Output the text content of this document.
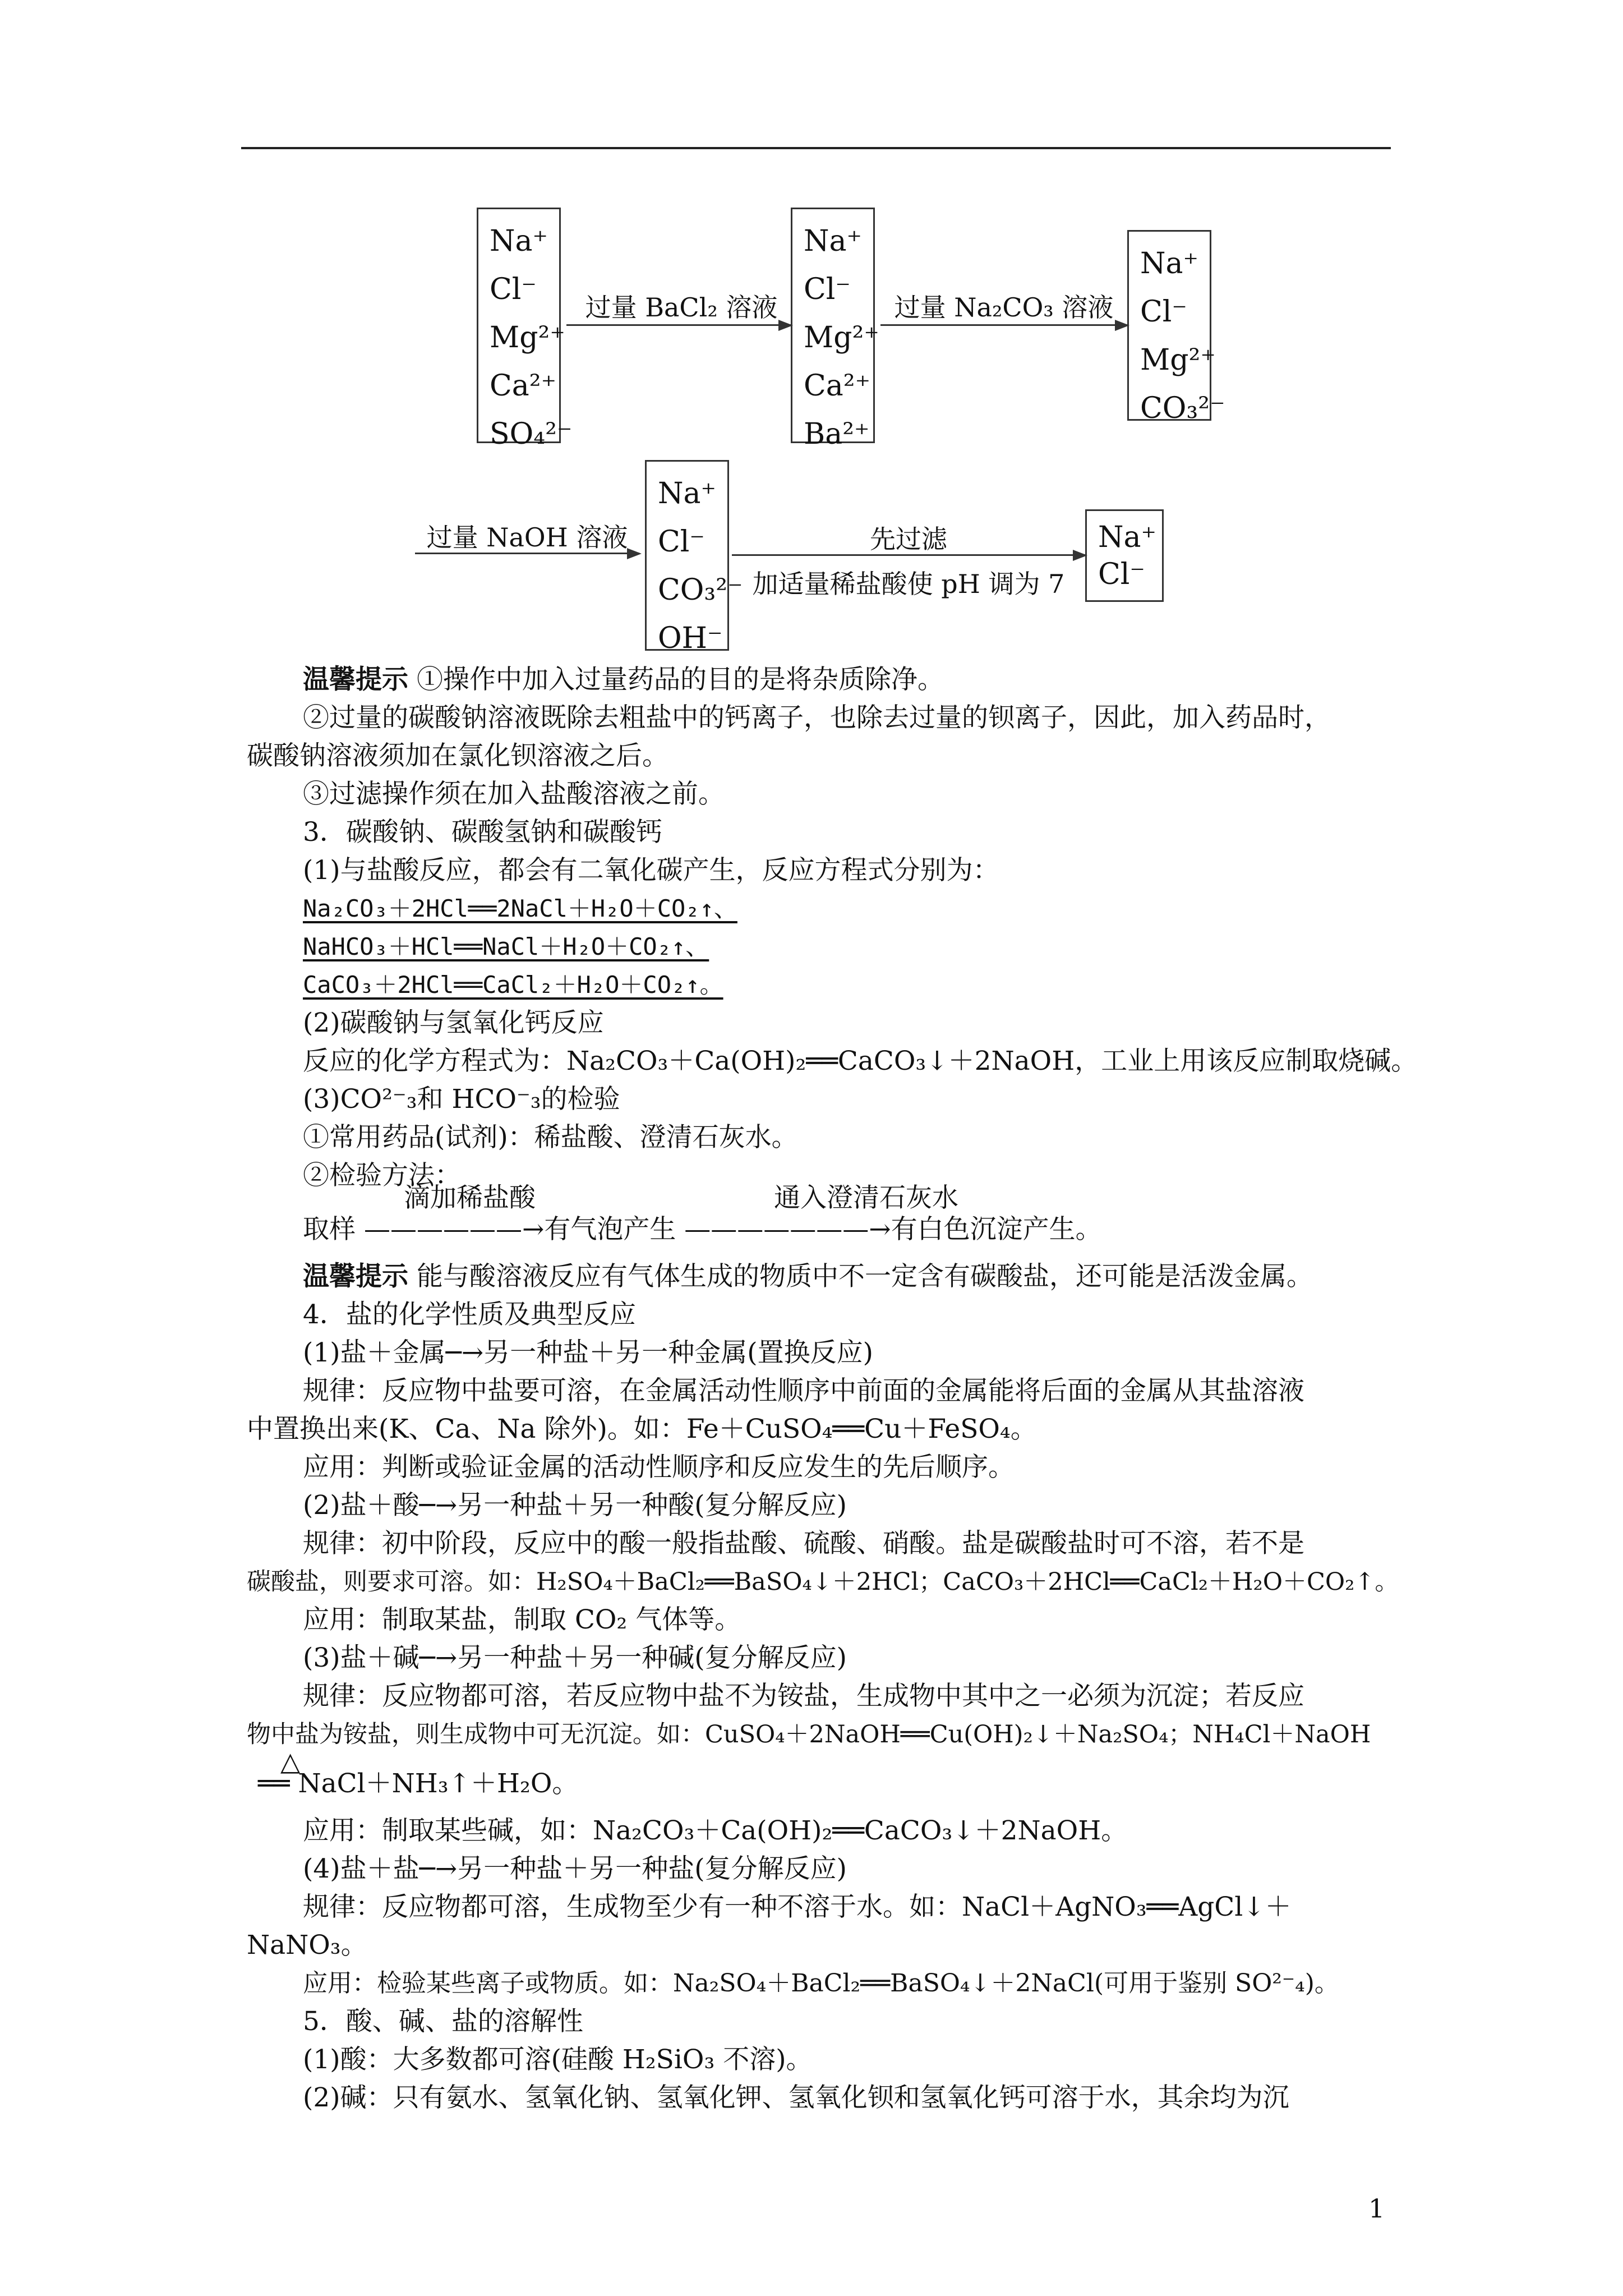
Na⁺
Cl⁻
Mg²⁺
Ca²⁺
SO₄²⁻
过量 BaCl₂ 溶液
Na⁺
Cl⁻
Mg²⁺
Ca²⁺
Ba²⁺
过量 Na₂CO₃ 溶液
Na⁺
Cl⁻
Mg²⁺
CO₃²⁻
过量 NaOH 溶液
Na⁺
Cl⁻
CO₃²⁻
OH⁻
先过滤
加适量稀盐酸使 pH 调为 7
Na⁺
Cl⁻
温馨提示 ①操作中加入过量药品的目的是将杂质除净。
②过量的碳酸钠溶液既除去粗盐中的钙离子，也除去过量的钡离子，因此，加入药品时，
碳酸钠溶液须加在氯化钡溶液之后。
③过滤操作须在加入盐酸溶液之前。
3．碳酸钠、碳酸氢钠和碳酸钙
(1)与盐酸反应，都会有二氧化碳产生，反应方程式分别为：
Na₂CO₃＋2HCl══2NaCl＋H₂O＋CO₂↑、
NaHCO₃＋HCl══NaCl＋H₂O＋CO₂↑、
CaCO₃＋2HCl══CaCl₂＋H₂O＋CO₂↑。
(2)碳酸钠与氢氧化钙反应
反应的化学方程式为：Na₂CO₃＋Ca(OH)₂══CaCO₃↓＋2NaOH，工业上用该反应制取烧碱。
(3)CO²⁻₃和 HCO⁻₃的检验
①常用药品(试剂)：稀盐酸、澄清石灰水。
②检验方法：
滴加稀盐酸	通入澄清石灰水
取样 ——————→有气泡产生 ———————→有白色沉淀产生。
温馨提示 能与酸溶液反应有气体生成的物质中不一定含有碳酸盐，还可能是活泼金属。
4．盐的化学性质及典型反应
(1)盐＋金属─→另一种盐＋另一种金属(置换反应)
规律：反应物中盐要可溶，在金属活动性顺序中前面的金属能将后面的金属从其盐溶液
中置换出来(K、Ca、Na 除外)。如：Fe＋CuSO₄══Cu＋FeSO₄。
应用：判断或验证金属的活动性顺序和反应发生的先后顺序。
(2)盐＋酸─→另一种盐＋另一种酸(复分解反应)
规律：初中阶段，反应中的酸一般指盐酸、硫酸、硝酸。盐是碳酸盐时可不溶，若不是
碳酸盐，则要求可溶。如：H₂SO₄＋BaCl₂══BaSO₄↓＋2HCl；CaCO₃＋2HCl══CaCl₂＋H₂O＋CO₂↑。
应用：制取某盐，制取 CO₂ 气体等。
(3)盐＋碱─→另一种盐＋另一种碱(复分解反应)
规律：反应物都可溶，若反应物中盐不为铵盐，生成物中其中之一必须为沉淀；若反应
物中盐为铵盐，则生成物中可无沉淀。如：CuSO₄＋2NaOH══Cu(OH)₂↓＋Na₂SO₄；NH₄Cl＋NaOH
△
══ NaCl＋NH₃↑＋H₂O。
应用：制取某些碱，如：Na₂CO₃＋Ca(OH)₂══CaCO₃↓＋2NaOH。
(4)盐＋盐─→另一种盐＋另一种盐(复分解反应)
规律：反应物都可溶，生成物至少有一种不溶于水。如：NaCl＋AgNO₃══AgCl↓＋
NaNO₃。
应用：检验某些离子或物质。如：Na₂SO₄＋BaCl₂══BaSO₄↓＋2NaCl(可用于鉴别 SO²⁻₄)。
5．酸、碱、盐的溶解性
(1)酸：大多数都可溶(硅酸 H₂SiO₃ 不溶)。
(2)碱：只有氨水、氢氧化钠、氢氧化钾、氢氧化钡和氢氧化钙可溶于水，其余均为沉
1
